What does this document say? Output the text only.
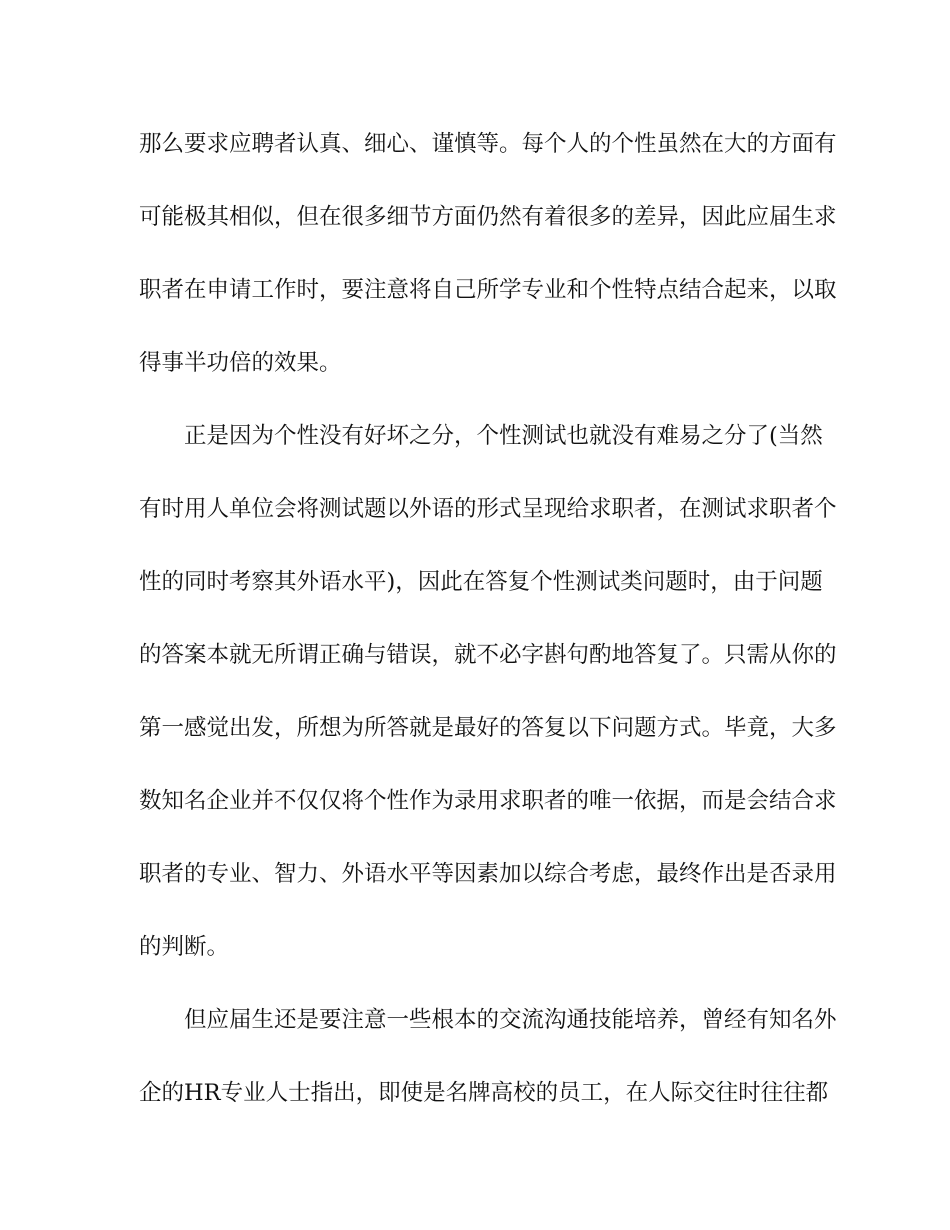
那么要求应聘者认真、细心、谨慎等。每个人的个性虽然在大的方面有
可能极其相似，但在很多细节方面仍然有着很多的差异，因此应届生求
职者在申请工作时，要注意将自己所学专业和个性特点结合起来，以取
得事半功倍的效果。
正是因为个性没有好坏之分，个性测试也就没有难易之分了(当然
有时用人单位会将测试题以外语的形式呈现给求职者，在测试求职者个
性的同时考察其外语水平)，因此在答复个性测试类问题时，由于问题
的答案本就无所谓正确与错误，就不必字斟句酌地答复了。只需从你的
第一感觉出发，所想为所答就是最好的答复以下问题方式。毕竟，大多
数知名企业并不仅仅将个性作为录用求职者的唯一依据，而是会结合求
职者的专业、智力、外语水平等因素加以综合考虑，最终作出是否录用
的判断。
但应届生还是要注意一些根本的交流沟通技能培养，曾经有知名外
企的HR专业人士指出，即使是名牌高校的员工，在人际交往时往往都
